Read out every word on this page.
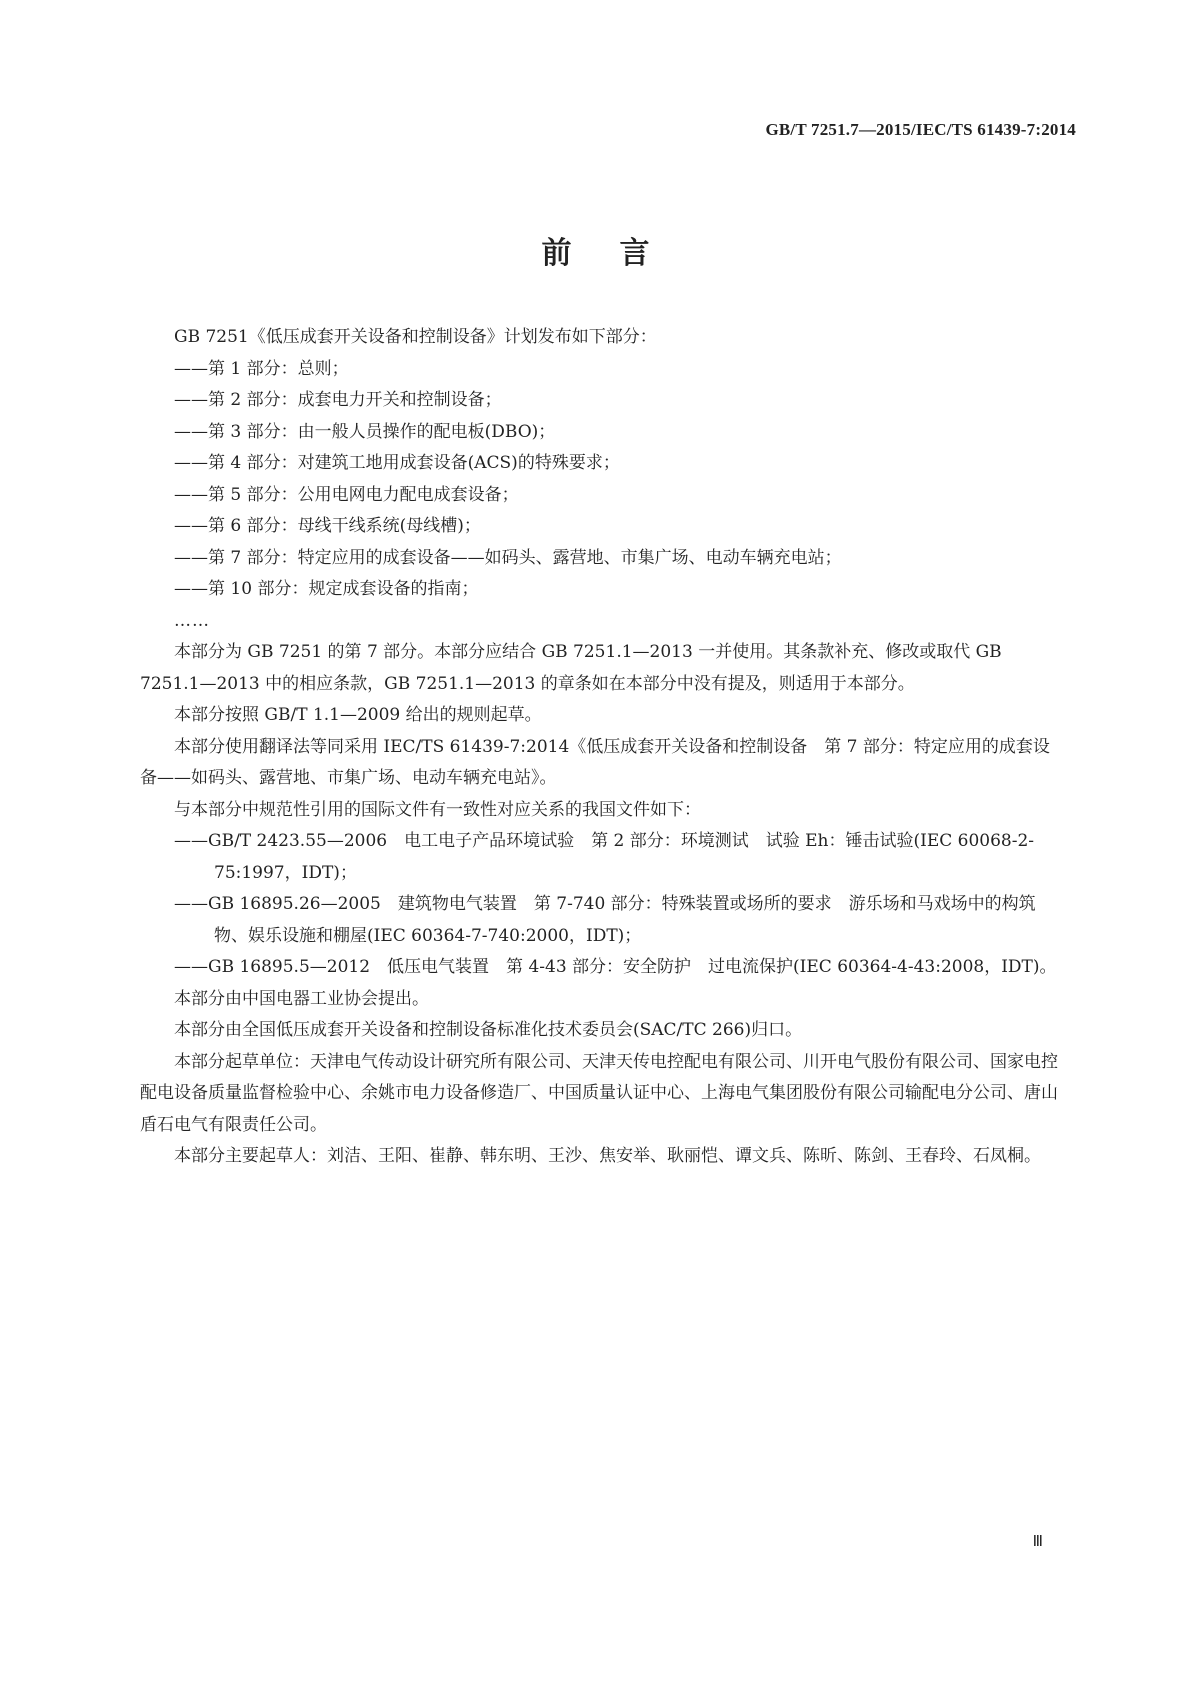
GB/T 7251.7—2015/IEC/TS 61439-7:2014
前 言

GB 7251《低压成套开关设备和控制设备》计划发布如下部分：

——第 1 部分：总则；

——第 2 部分：成套电力开关和控制设备；

——第 3 部分：由一般人员操作的配电板(DBO)；

——第 4 部分：对建筑工地用成套设备(ACS)的特殊要求；

——第 5 部分：公用电网电力配电成套设备；

——第 6 部分：母线干线系统(母线槽)；

——第 7 部分：特定应用的成套设备——如码头、露营地、市集广场、电动车辆充电站；

——第 10 部分：规定成套设备的指南；

……

本部分为 GB 7251 的第 7 部分。本部分应结合 GB 7251.1—2013 一并使用。其条款补充、修改或取代 GB 7251.1—2013 中的相应条款，GB 7251.1—2013 的章条如在本部分中没有提及，则适用于本部分。

本部分按照 GB/T 1.1—2009 给出的规则起草。

本部分使用翻译法等同采用 IEC/TS 61439-7:2014《低压成套开关设备和控制设备　第 7 部分：特定应用的成套设备——如码头、露营地、市集广场、电动车辆充电站》。

与本部分中规范性引用的国际文件有一致性对应关系的我国文件如下：

——GB/T 2423.55—2006　电工电子产品环境试验　第 2 部分：环境测试　试验 Eh：锤击试验(IEC 60068-2-75:1997，IDT)；

——GB 16895.26—2005　建筑物电气装置　第 7-740 部分：特殊装置或场所的要求　游乐场和马戏场中的构筑物、娱乐设施和棚屋(IEC 60364-7-740:2000，IDT)；

——GB 16895.5—2012　低压电气装置　第 4-43 部分：安全防护　过电流保护(IEC 60364-4-43:2008，IDT)。

本部分由中国电器工业协会提出。

本部分由全国低压成套开关设备和控制设备标准化技术委员会(SAC/TC 266)归口。

本部分起草单位：天津电气传动设计研究所有限公司、天津天传电控配电有限公司、川开电气股份有限公司、国家电控配电设备质量监督检验中心、余姚市电力设备修造厂、中国质量认证中心、上海电气集团股份有限公司输配电分公司、唐山盾石电气有限责任公司。

本部分主要起草人：刘洁、王阳、崔静、韩东明、王沙、焦安举、耿丽恺、谭文兵、陈昕、陈剑、王春玲、石凤桐。

Ⅲ
